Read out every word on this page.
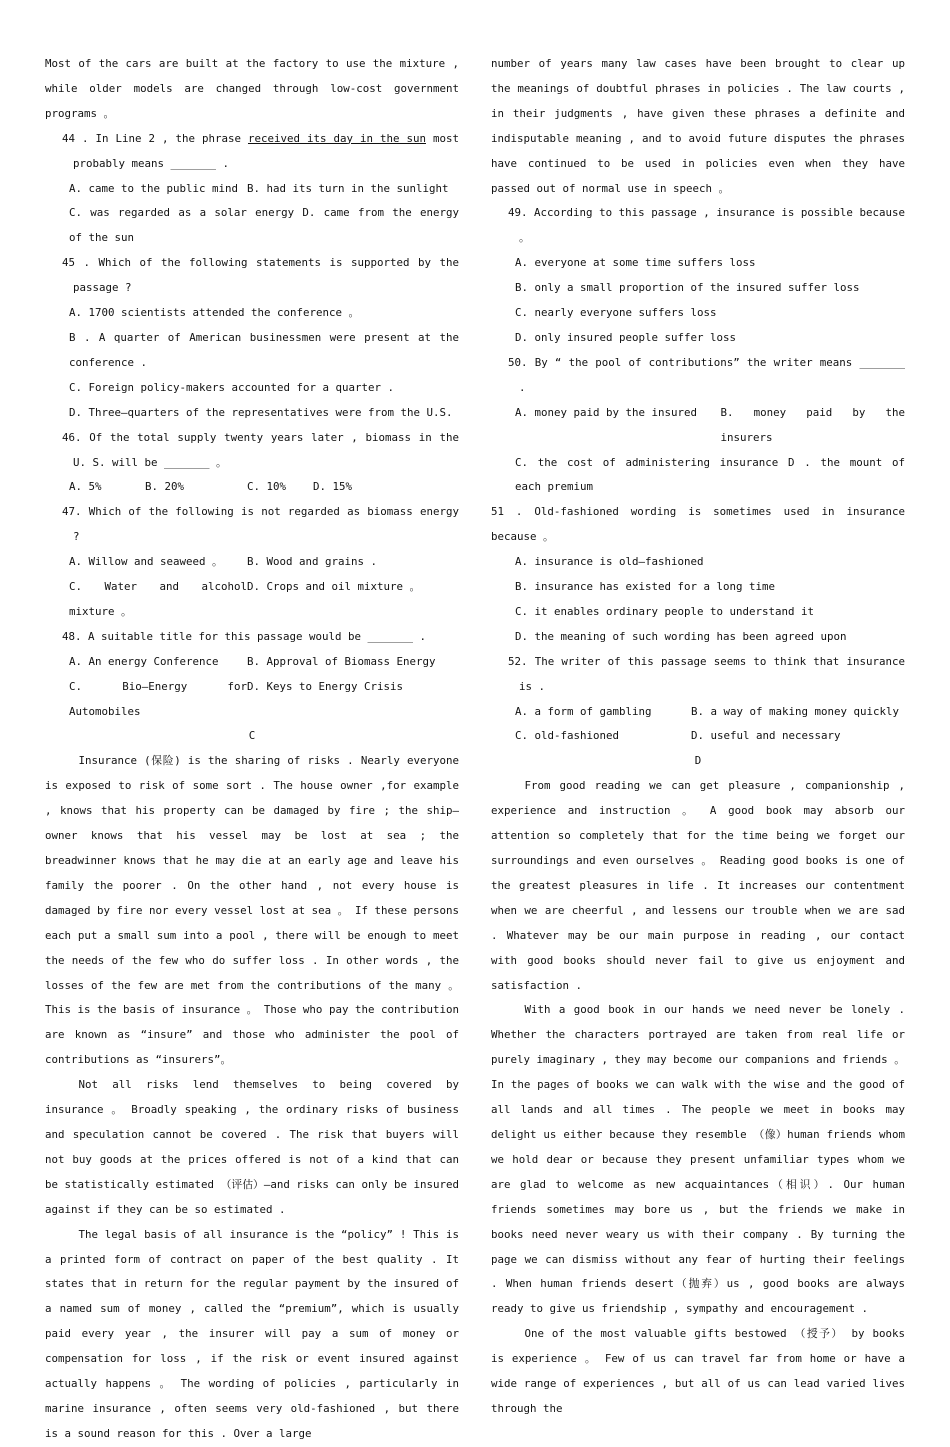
Most of the cars are built at the factory to use the mixture , while older models are changed through low-cost government programs 。

44 . In Line 2 , the phrase received its day in the sun most probably means _______ .

A. came to the public mind B. had its turn in the sunlight

C. was regarded as a solar energy D. came from the energy of the sun

45 . Which of the following statements is supported by the passage ?

A. 1700 scientists attended the conference 。

B . A quarter of American businessmen were present at the conference .

C. Foreign policy-makers accounted for a quarter .

D. Three—quarters of the representatives were from the U.S.

46. Of the total supply twenty years later , biomass in the U. S. will be _______ 。

A. 5%	B. 20%	C. 10%	D. 15%

47. Which of the following is not regarded as biomass energy ?

A. Willow and seaweed 。	B. Wood and grains .
C. Water and alcohol mixture 。
D. Crops and oil mixture 。

48. A suitable title for this passage would be _______ .

A. An energy Conference	B. Approval of Biomass Energy
C. Bio—Energy for Automobiles
D. Keys to Energy Crisis

C

Insurance (保险) is the sharing of risks . Nearly everyone is exposed to risk of some sort . The house owner ,for example , knows that his property can be damaged by fire ; the ship—owner knows that his vessel may be lost at sea ; the breadwinner knows that he may die at an early age and leave his family the poorer . On the other hand , not every house is damaged by fire nor every vessel lost at sea 。 If these persons each put a small sum into a pool , there will be enough to meet the needs of the few who do suffer loss . In other words , the losses of the few are met from the contributions of the many 。 This is the basis of insurance 。 Those who pay the contribution are known as “insure” and those who administer the pool of contributions as “insurers”。

Not all risks lend themselves to being covered by insurance 。 Broadly speaking , the ordinary risks of business and speculation cannot be covered . The risk that buyers will not buy goods at the prices offered is not of a kind that can be statistically estimated （评估）—and risks can only be insured against if they can be so estimated .

The legal basis of all insurance is the “policy” ! This is a printed form of contract on paper of the best quality . It states that in return for the regular payment by the insured of a named sum of money , called the “premium”, which is usually paid every year , the insurer will pay a sum of money or compensation for loss , if the risk or event insured against actually happens 。 The wording of policies , particularly in marine insurance , often seems very old-fashioned , but there is a sound reason for this . Over a large

number of years many law cases have been brought to clear up the meanings of doubtful phrases in policies . The law courts , in their judgments , have given these phrases a definite and indisputable meaning , and to avoid future disputes the phrases have continued to be used in policies even when they have passed out of normal use in speech 。

49. According to this passage , insurance is possible because 。

A. everyone at some time suffers loss

B. only a small proportion of the insured suffer loss

C. nearly everyone suffers loss

D. only insured people suffer loss

50. By “ the pool of contributions” the writer means _______ .

A. money paid by the insured	B. money paid by the insurers

C. the cost of administering insurance D . the mount of each premium

51 . Old-fashioned wording is sometimes used in insurance because 。

A. insurance is old—fashioned

B. insurance has existed for a long time

C. it enables ordinary people to understand it

D. the meaning of such wording has been agreed upon

52. The writer of this passage seems to think that insurance is .

A. a form of gambling	B. a way of making money quickly
C. old-fashioned	D. useful and necessary

D

From good reading we can get pleasure , companionship , experience and instruction 。 A good book may absorb our attention so completely that for the time being we forget our surroundings and even ourselves 。 Reading good books is one of the greatest pleasures in life . It increases our contentment when we are cheerful , and lessens our trouble when we are sad . Whatever may be our main purpose in reading , our contact with good books should never fail to give us enjoyment and satisfaction .

With a good book in our hands we need never be lonely . Whether the characters portrayed are taken from real life or purely imaginary , they may become our companions and friends 。 In the pages of books we can walk with the wise and the good of all lands and all times . The people we meet in books may delight us either because they resemble （像）human friends whom we hold dear or because they present unfamiliar types whom we are glad to welcome as new acquaintances（相识）. Our human friends sometimes may bore us , but the friends we make in books need never weary us with their company . By turning the page we can dismiss without any fear of hurting their feelings . When human friends desert（抛弃）us , good books are always ready to give us friendship , sympathy and encouragement .

One of the most valuable gifts bestowed （授予） by books is experience 。 Few of us can travel far from home or have a wide range of experiences , but all of us can lead varied lives through the
